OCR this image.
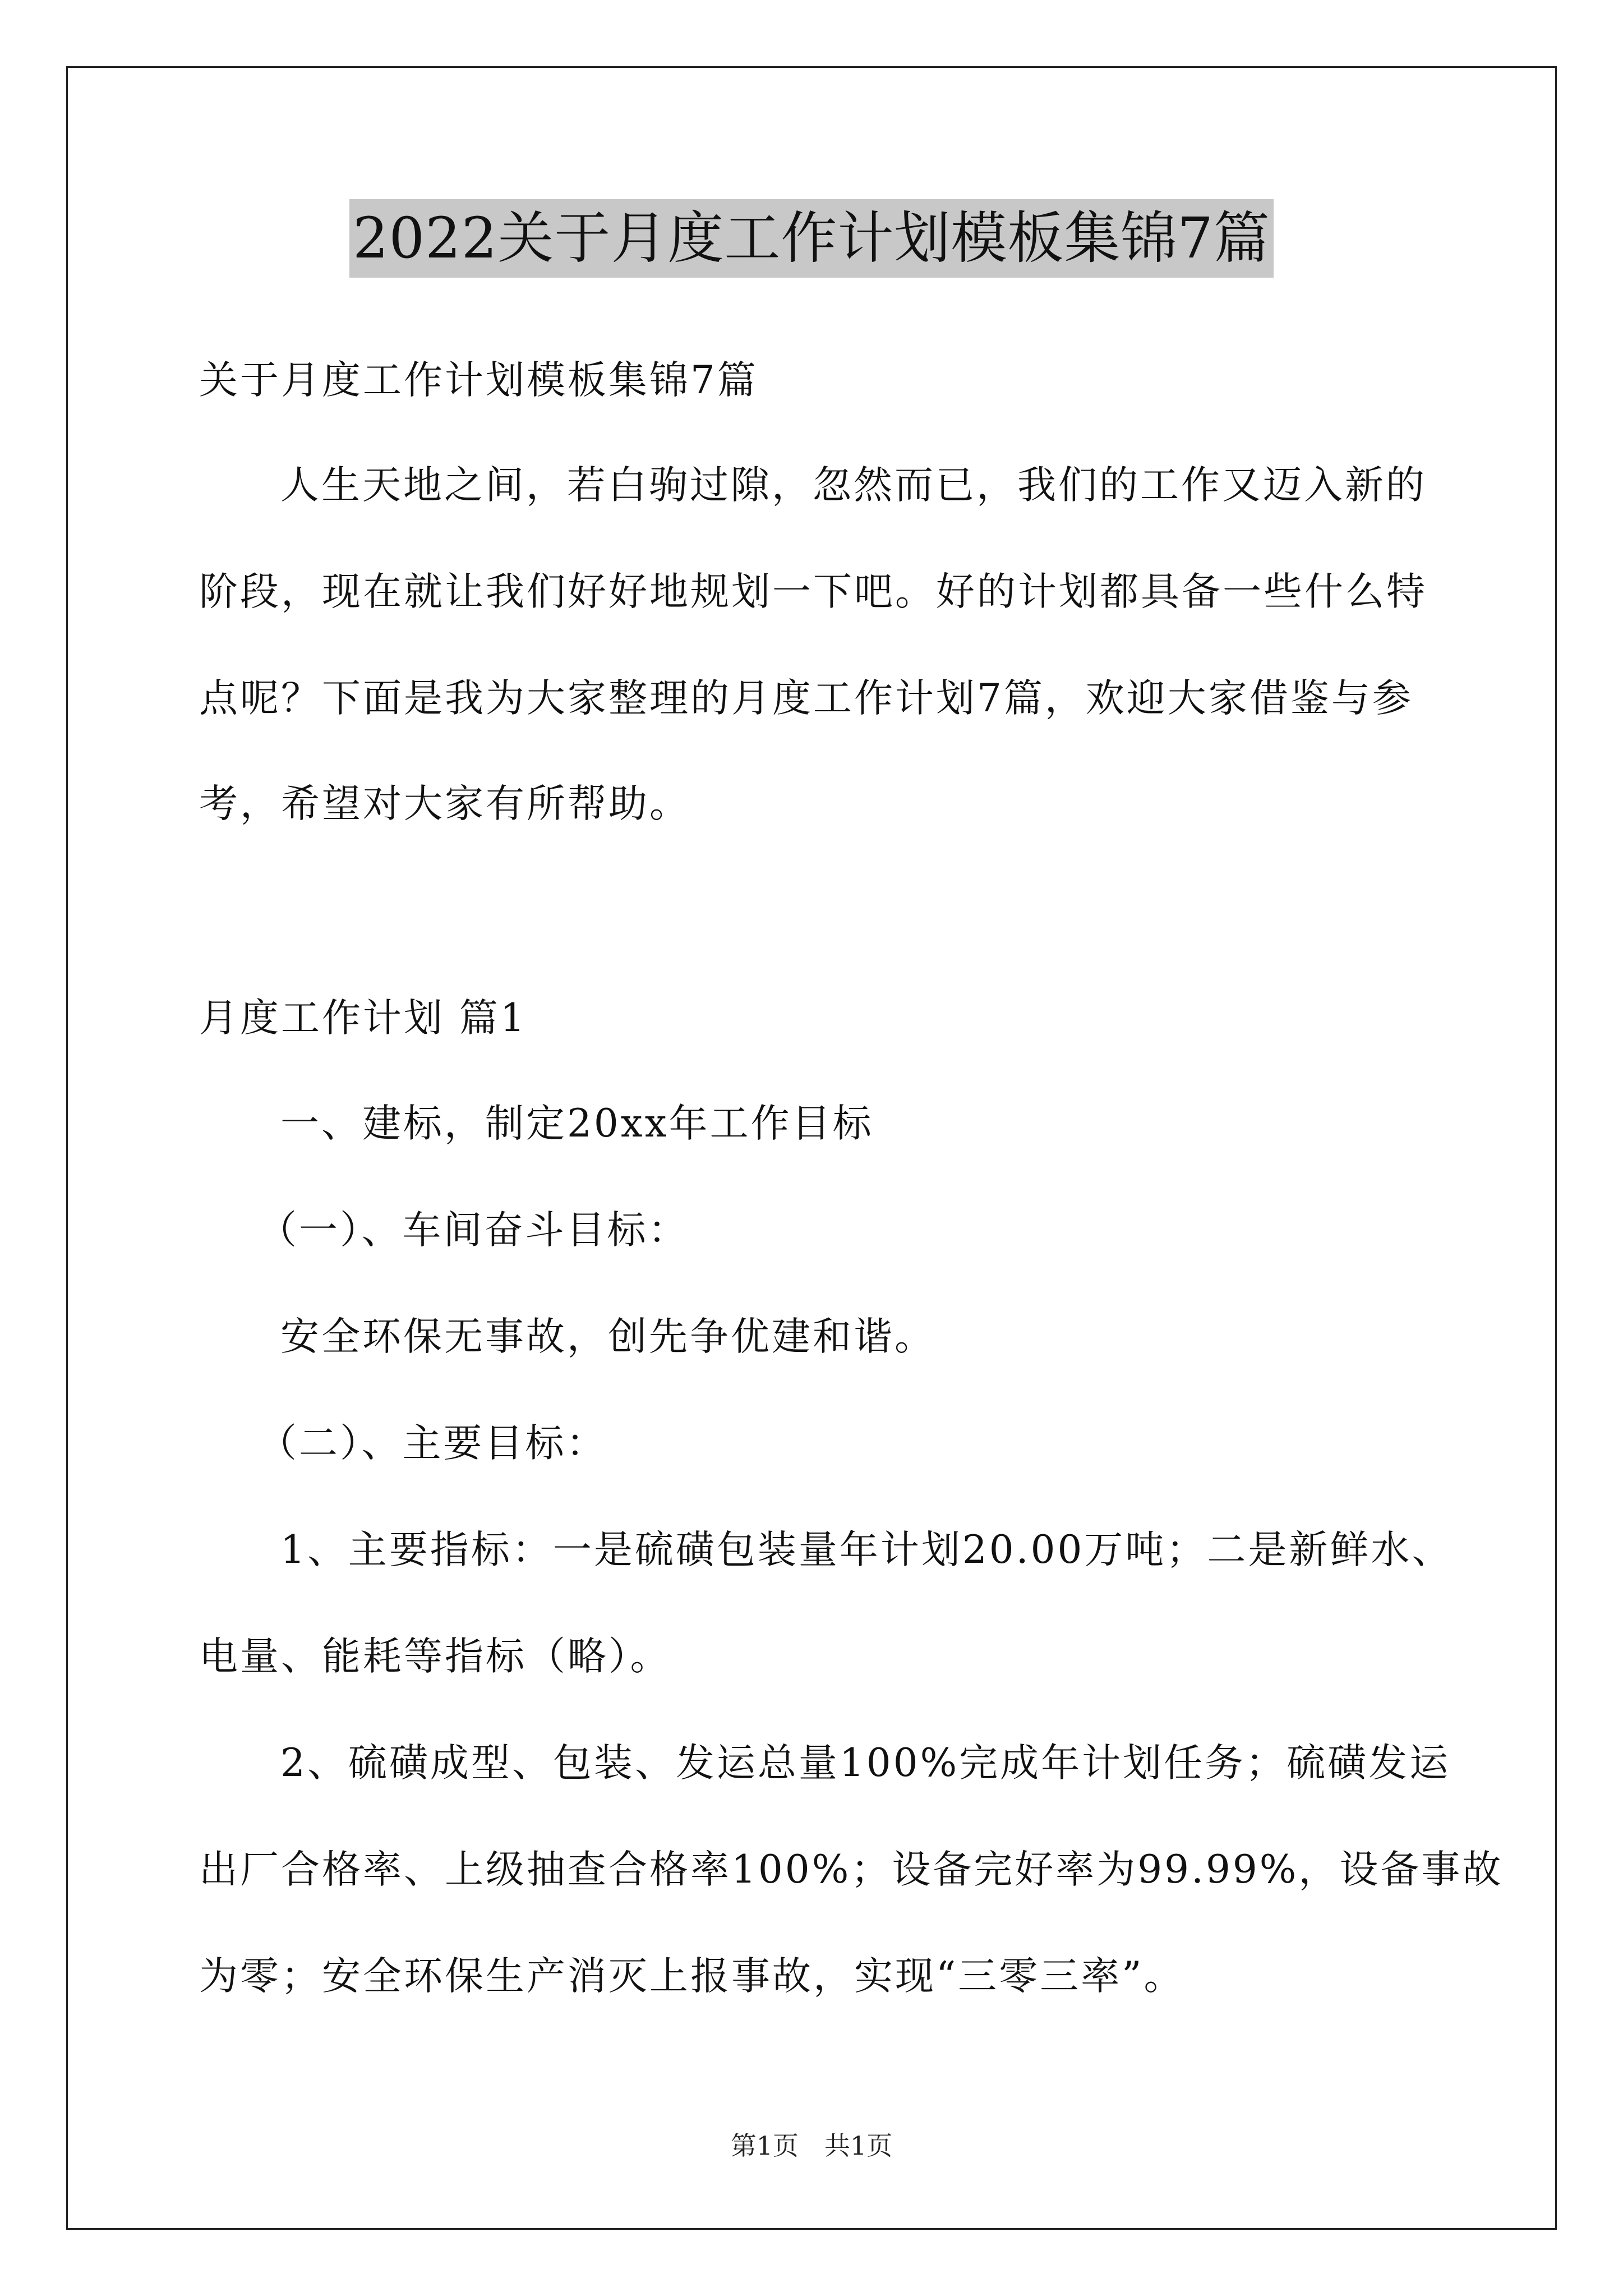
2022关于月度工作计划模板集锦7篇
关于月度工作计划模板集锦7篇
人生天地之间，若白驹过隙，忽然而已，我们的工作又迈入新的
阶段，现在就让我们好好地规划一下吧。好的计划都具备一些什么特
点呢？下面是我为大家整理的月度工作计划7篇，欢迎大家借鉴与参
考，希望对大家有所帮助。
月度工作计划 篇1
一、建标，制定20xx年工作目标
（一）、车间奋斗目标：
安全环保无事故，创先争优建和谐。
（二）、主要目标：
1、主要指标：一是硫磺包装量年计划20.00万吨；二是新鲜水、
电量、能耗等指标（略）。
2、硫磺成型、包装、发运总量100%完成年计划任务；硫磺发运
出厂合格率、上级抽查合格率100%；设备完好率为99.99%，设备事故
为零；安全环保生产消灭上报事故，实现“三零三率”。
第1页 共1页
